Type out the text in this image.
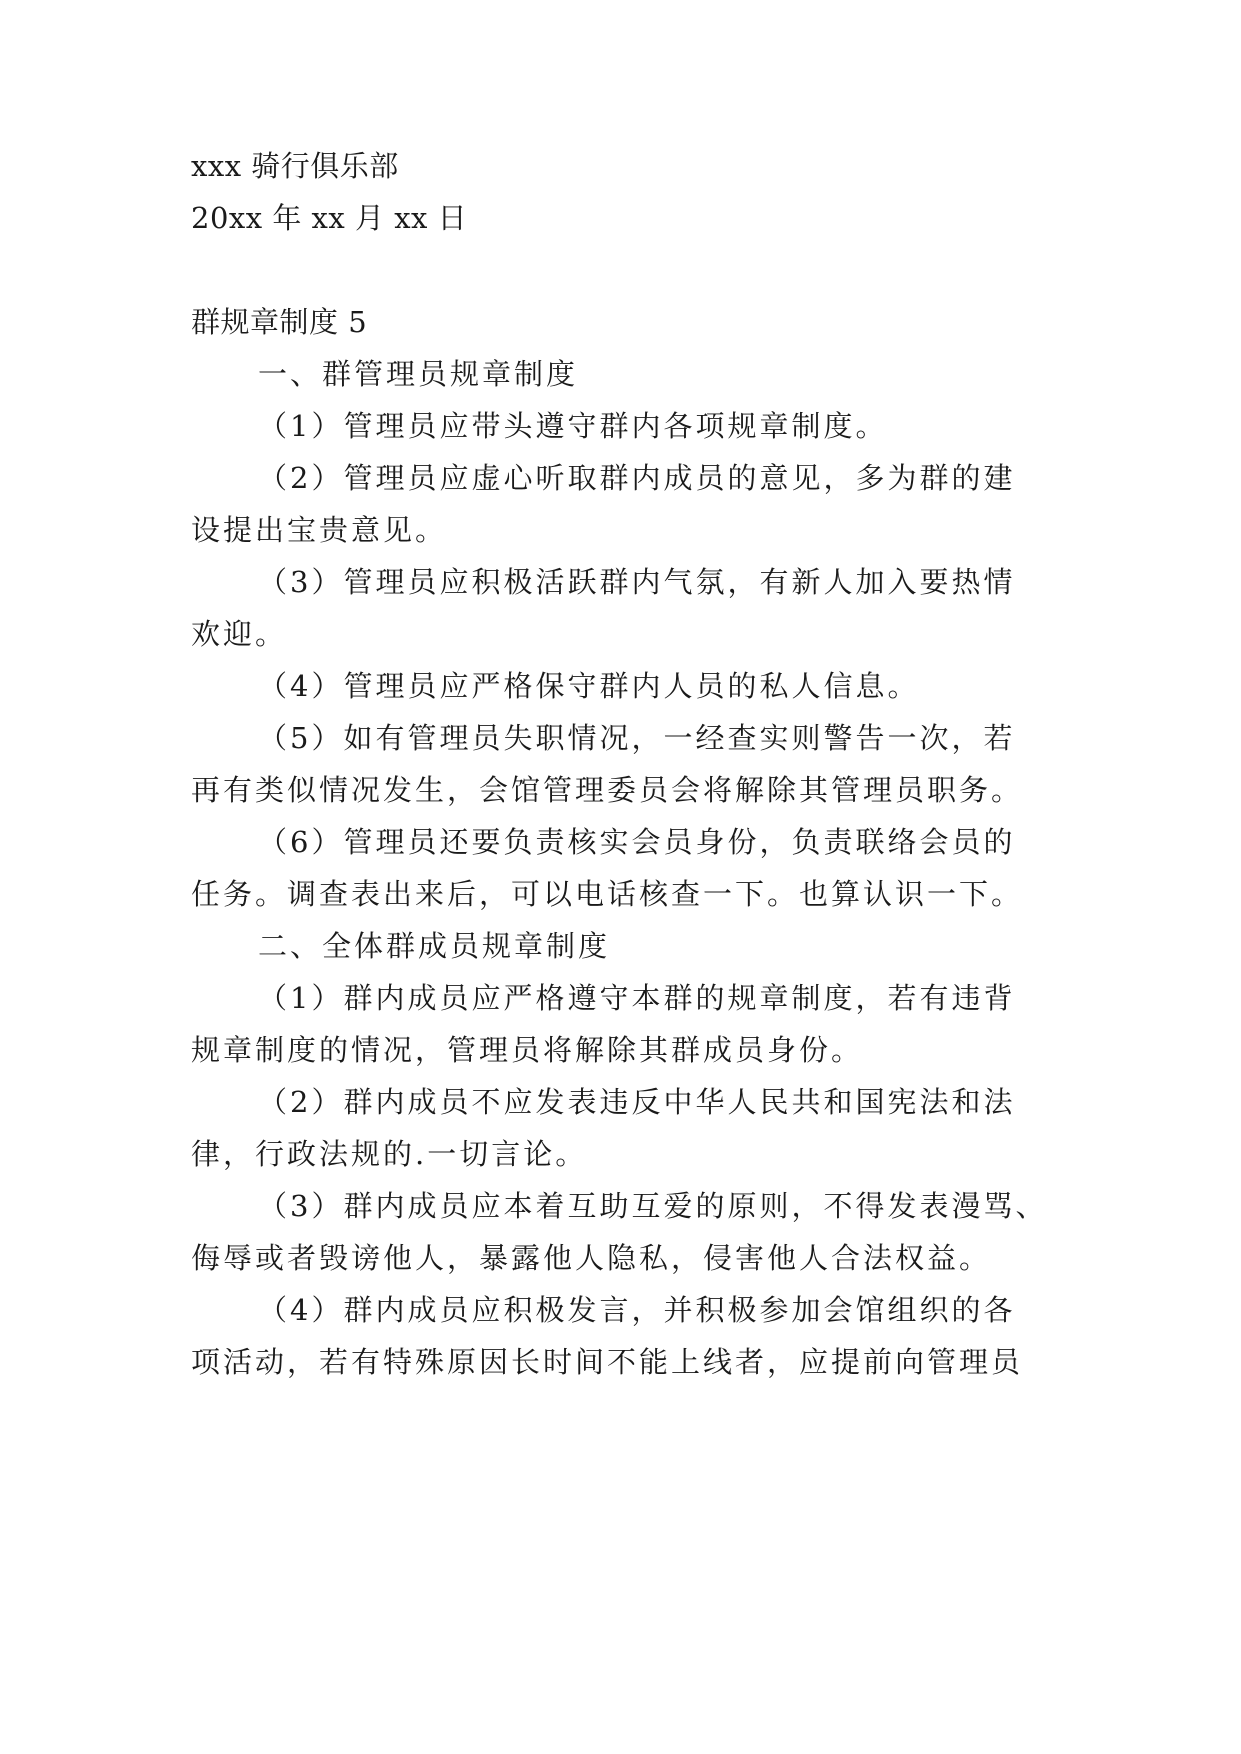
xxx 骑行俱乐部
20xx 年 xx 月 xx 日
群规章制度 5
一、群管理员规章制度
（1）管理员应带头遵守群内各项规章制度。
（2）管理员应虚心听取群内成员的意见，多为群的建
设提出宝贵意见。
（3）管理员应积极活跃群内气氛，有新人加入要热情
欢迎。
（4）管理员应严格保守群内人员的私人信息。
（5）如有管理员失职情况，一经查实则警告一次，若
再有类似情况发生，会馆管理委员会将解除其管理员职务。
（6）管理员还要负责核实会员身份，负责联络会员的
任务。调查表出来后，可以电话核查一下。也算认识一下。
二、全体群成员规章制度
（1）群内成员应严格遵守本群的规章制度，若有违背
规章制度的情况，管理员将解除其群成员身份。
（2）群内成员不应发表违反中华人民共和国宪法和法
律，行政法规的.一切言论。
（3）群内成员应本着互助互爱的原则，不得发表漫骂、
侮辱或者毁谤他人，暴露他人隐私，侵害他人合法权益。
（4）群内成员应积极发言，并积极参加会馆组织的各
项活动，若有特殊原因长时间不能上线者，应提前向管理员
